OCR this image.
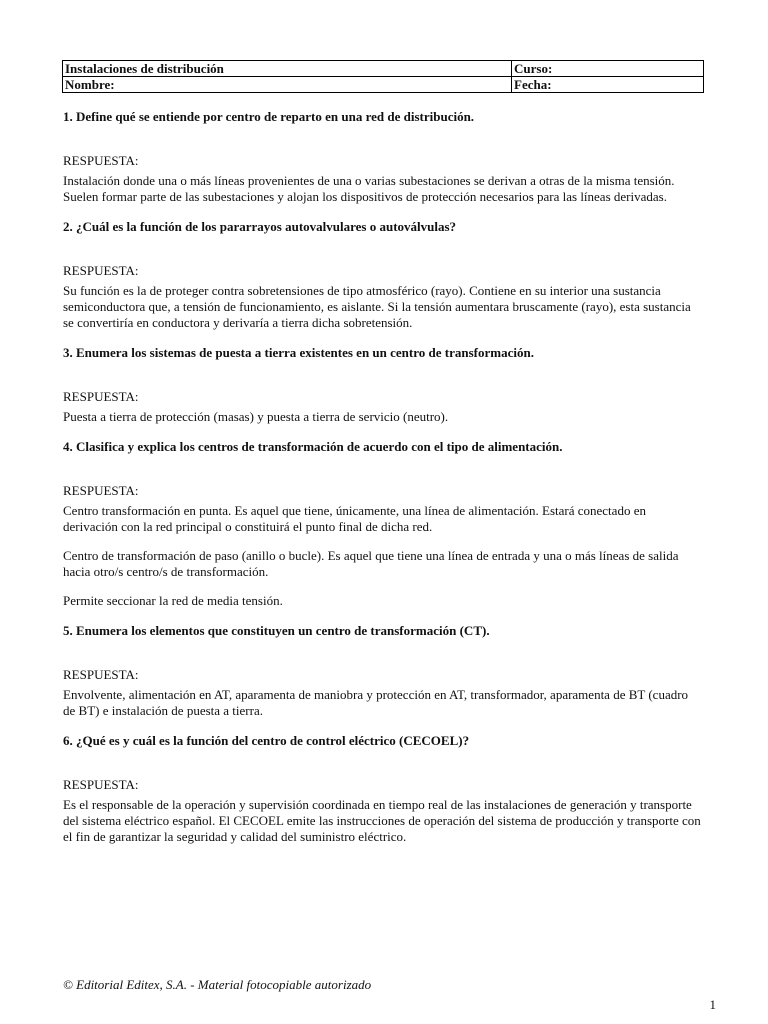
Instalaciones de distribución	Curso:
Nombre:	Fecha:
1. Define qué se entiende por centro de reparto en una red de distribución.
RESPUESTA:

Instalación donde una o más líneas provenientes de una o varias subestaciones se derivan a otras de la misma tensión. Suelen formar parte de las subestaciones y alojan los dispositivos de protección necesarios para las líneas derivadas.

2. ¿Cuál es la función de los pararrayos autovalvulares o autoválvulas?
RESPUESTA:

Su función es la de proteger contra sobretensiones de tipo atmosférico (rayo). Contiene en su interior una sustancia semiconductora que, a tensión de funcionamiento, es aislante. Si la tensión aumentara bruscamente (rayo), esta sustancia se convertiría en conductora y derivaría a tierra dicha sobretensión.

3. Enumera los sistemas de puesta a tierra existentes en un centro de transformación.
RESPUESTA:

Puesta a tierra de protección (masas) y puesta a tierra de servicio (neutro).

4. Clasifica y explica los centros de transformación de acuerdo con el tipo de alimentación.
RESPUESTA:

Centro transformación en punta. Es aquel que tiene, únicamente, una línea de alimentación. Estará conectado en derivación con la red principal o constituirá el punto final de dicha red.

Centro de transformación de paso (anillo o bucle). Es aquel que tiene una línea de entrada y una o más líneas de salida hacia otro/s centro/s de transformación.

Permite seccionar la red de media tensión.

5. Enumera los elementos que constituyen un centro de transformación (CT).
RESPUESTA:

Envolvente, alimentación en AT, aparamenta de maniobra y protección en AT, transformador, aparamenta de BT (cuadro de BT) e instalación de puesta a tierra.

6. ¿Qué es y cuál es la función del centro de control eléctrico (CECOEL)?
RESPUESTA:

Es el responsable de la operación y supervisión coordinada en tiempo real de las instalaciones de generación y transporte del sistema eléctrico español. El CECOEL emite las instrucciones de operación del sistema de producción y transporte con el fin de garantizar la seguridad y calidad del suministro eléctrico.

© Editorial Editex, S.A. - Material fotocopiable autorizado
1
